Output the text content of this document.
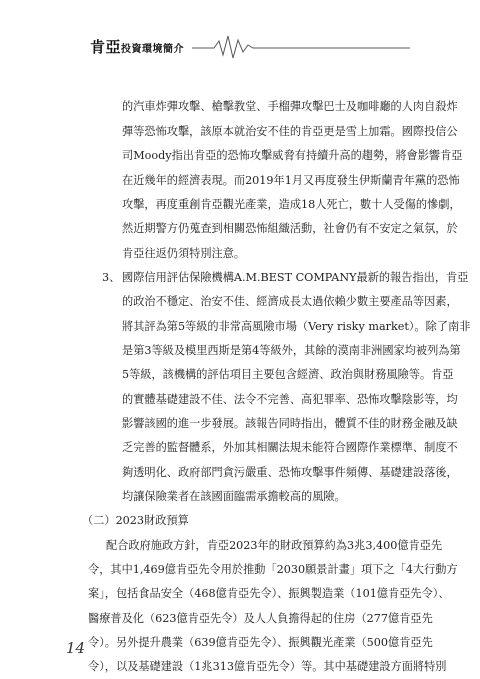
肯亞投資環境簡介
的汽車炸彈攻擊、槍擊教堂、手榴彈攻擊巴士及咖啡廳的人肉自殺炸
彈等恐怖攻擊，該原本就治安不佳的肯亞更是雪上加霜。國際投信公
司Moody指出肯亞的恐怖攻擊威脅有持續升高的趨勢，將會影響肯亞
在近幾年的經濟表現。而2019年1月又再度發生伊斯蘭青年黨的恐怖
攻擊，再度重創肯亞觀光產業，造成18人死亡，數十人受傷的慘劇，
然近期警方仍蒐查到相關恐怖組織活動，社會仍有不安定之氣氛，於
肯亞往返仍須特別注意。
3、 國際信用評估保險機構A.M.BEST COMPANY最新的報告指出，肯亞
的政治不穩定、治安不佳、經濟成長太過依賴少數主要產品等因素，
將其評為第5等級的非常高風險市場（Very risky market）。除了南非
是第3等級及模里西斯是第4等級外，其餘的漠南非洲國家均被列為第
5等級，該機構的評估項目主要包含經濟、政治與財務風險等。肯亞
的實體基礎建設不佳、法令不完善、高犯罪率、恐怖攻擊陰影等，均
影響該國的進一步發展。該報告同時指出，體質不佳的財務金融及缺
乏完善的監督體系，外加其相關法規未能符合國際作業標準、制度不
夠透明化、政府部門貪污嚴重、恐怖攻擊事件頻傳、基礎建設落後，
均讓保險業者在該國面臨需承擔較高的風險。
（二）2023財政預算
配合政府施政方針，肯亞2023年的財政預算約為3兆3,400億肯亞先
令，其中1,469億肯亞先令用於推動「2030願景計畫」項下之「4大行動方
案」，包括食品安全（468億肯亞先令）、振興製造業（101億肯亞先令）、
醫療普及化（623億肯亞先令）及人人負擔得起的住房（277億肯亞先
令）。另外提升農業（639億肯亞先令）、振興觀光產業（500億肯亞先
令），以及基礎建設（1兆313億肯亞先令）等。其中基礎建設方面將特別
14
